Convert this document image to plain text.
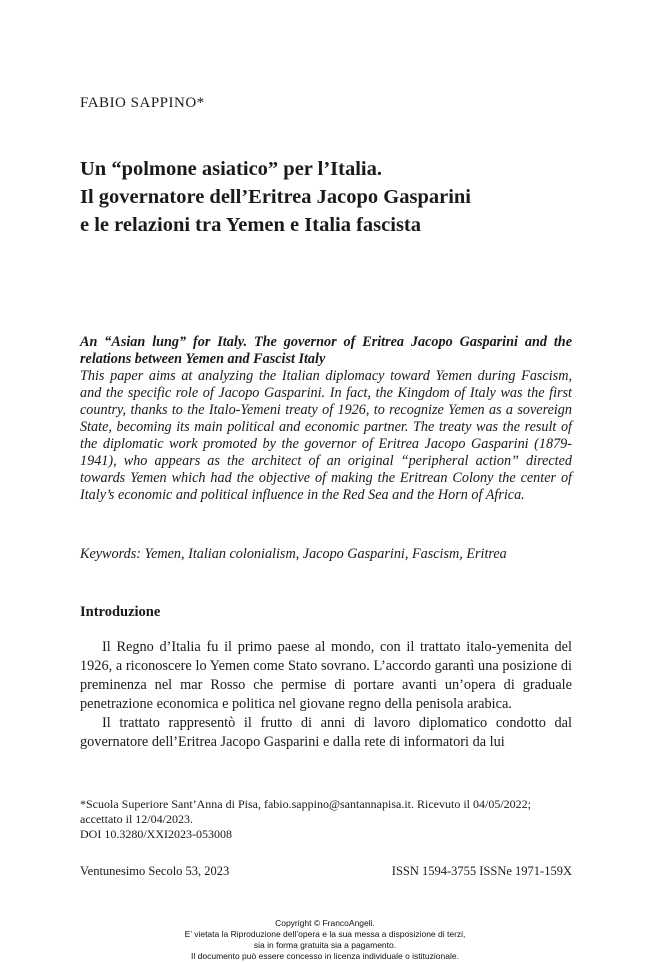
FABIO SAPPINO*
Un “polmone asiatico” per l’Italia.
Il governatore dell’Eritrea Jacopo Gasparini
e le relazioni tra Yemen e Italia fascista
An “Asian lung” for Italy. The governor of Eritrea Jacopo Gasparini and the relations between Yemen and Fascist Italy
This paper aims at analyzing the Italian diplomacy toward Yemen during Fascism, and the specific role of Jacopo Gasparini. In fact, the Kingdom of Italy was the first country, thanks to the Italo-Yemeni treaty of 1926, to recognize Yemen as a sovereign State, becoming its main political and economic partner. The treaty was the result of the diplomatic work promoted by the governor of Eritrea Jacopo Gasparini (1879-1941), who appears as the architect of an original “peripheral action” directed towards Yemen which had the objective of making the Eritrean Colony the center of Italy’s economic and political influence in the Red Sea and the Horn of Africa.
Keywords: Yemen, Italian colonialism, Jacopo Gasparini, Fascism, Eritrea
Introduzione

Il Regno d’Italia fu il primo paese al mondo, con il trattato italo-yemenita del 1926, a riconoscere lo Yemen come Stato sovrano. L’accordo garantì una posizione di preminenza nel mar Rosso che permise di portare avanti un’opera di graduale penetrazione economica e politica nel giovane regno della penisola arabica.

Il trattato rappresentò il frutto di anni di lavoro diplomatico condotto dal governatore dell’Eritrea Jacopo Gasparini e dalla rete di informatori da lui

*Scuola Superiore Sant’Anna di Pisa, fabio.sappino@santannapisa.it. Ricevuto il 04/05/2022;
accettato il 12/04/2023.
DOI 10.3280/XXI2023-053008
Ventunesimo Secolo 53, 2023	ISSN 1594-3755 ISSNe 1971-159X
Copyright © FrancoAngeli.
E’ vietata la Riproduzione dell’opera e la sua messa a disposizione di terzi,
sia in forma gratuita sia a pagamento.
Il documento può essere concesso in licenza individuale o istituzionale.
